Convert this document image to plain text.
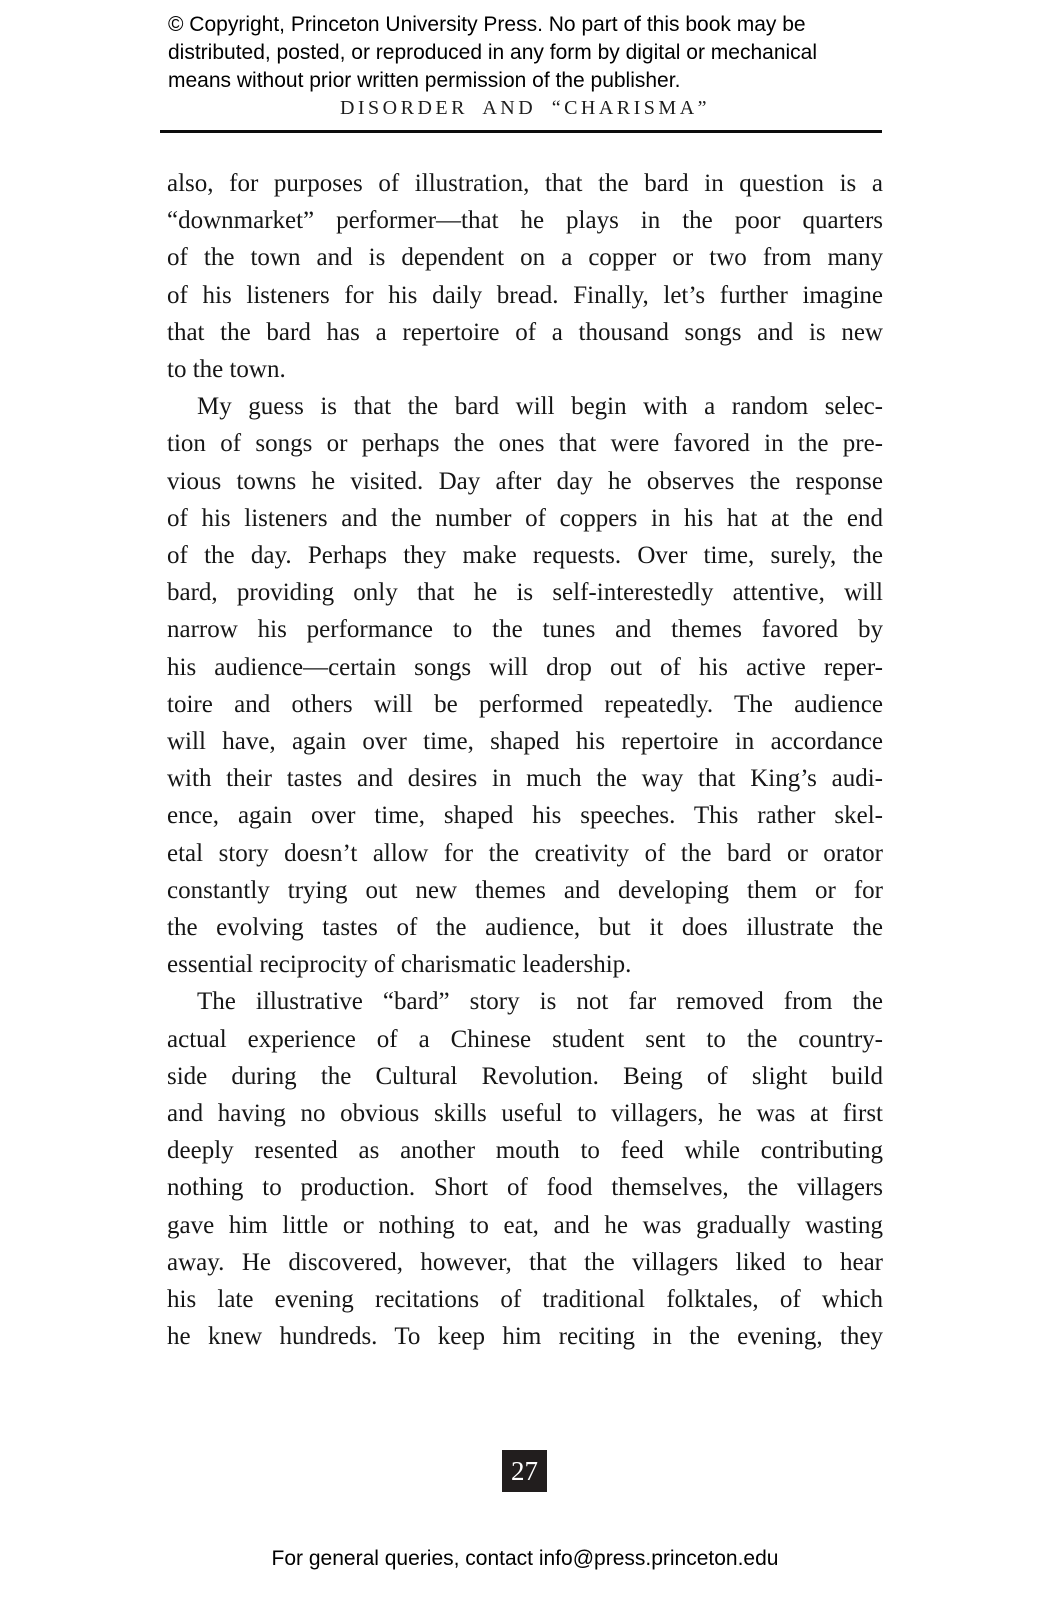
© Copyright, Princeton University Press. No part of this book may be
distributed, posted, or reproduced in any form by digital or mechanical
means without prior written permission of the publisher.
DISORDER AND “CHARISMA”
also, for purposes of illustration, that the bard in question is a
“downmarket” performer—that he plays in the poor quarters
of the town and is dependent on a copper or two from many
of his listeners for his daily bread. Finally, let’s further imagine
that the bard has a repertoire of a thousand songs and is new
to the town.
My guess is that the bard will begin with a random selec-
tion of songs or perhaps the ones that were favored in the pre-
vious towns he visited. Day after day he observes the response
of his listeners and the number of coppers in his hat at the end
of the day. Perhaps they make requests. Over time, surely, the
bard, providing only that he is self-interestedly attentive, will
narrow his performance to the tunes and themes favored by
his audience—certain songs will drop out of his active reper-
toire and others will be performed repeatedly. The audience
will have, again over time, shaped his repertoire in accordance
with their tastes and desires in much the way that King’s audi-
ence, again over time, shaped his speeches. This rather skel-
etal story doesn’t allow for the creativity of the bard or orator
constantly trying out new themes and developing them or for
the evolving tastes of the audience, but it does illustrate the
essential reciprocity of charismatic leadership.
The illustrative “bard” story is not far removed from the
actual experience of a Chinese student sent to the country-
side during the Cultural Revolution. Being of slight build
and having no obvious skills useful to villagers, he was at first
deeply resented as another mouth to feed while contributing
nothing to production. Short of food themselves, the villagers
gave him little or nothing to eat, and he was gradually wasting
away. He discovered, however, that the villagers liked to hear
his late evening recitations of traditional folktales, of which
he knew hundreds. To keep him reciting in the evening, they
27
For general queries, contact info@press.princeton.edu
